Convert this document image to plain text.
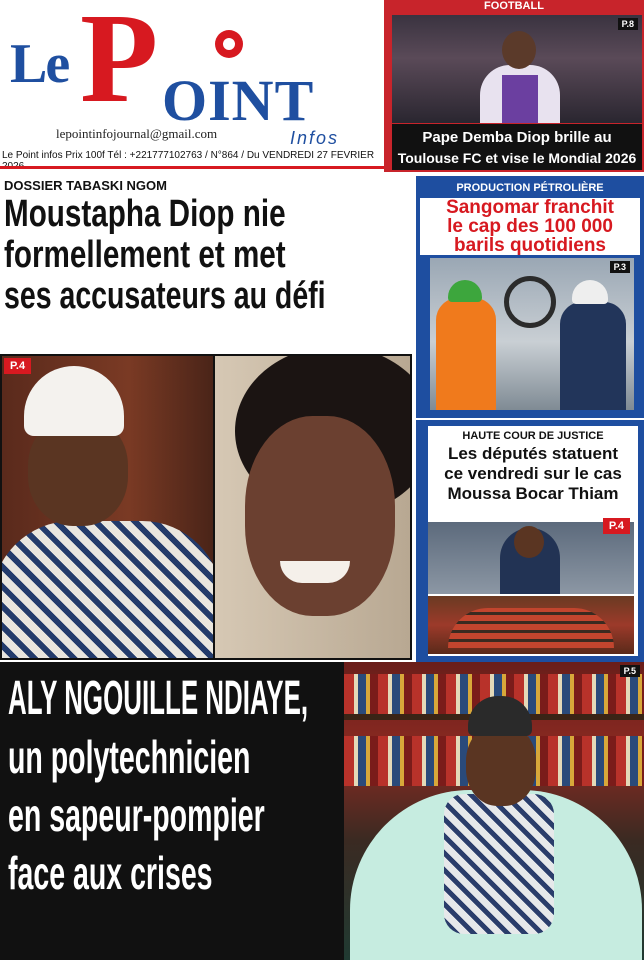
P
Le
OINT
Infos
lepointinfojournal@gmail.com
Le Point infos Prix 100f Tél : +221777102763 / N°864 / Du VENDREDI 27 FEVRIER
FOOTBALL
P.8
Pape Demba Diop brille au
Toulouse FC et vise le Mondial 2026
DOSSIER TABASKI NGOM
Moustapha Diop nie
formellement et met
ses accusateurs au défi
P.4
PRODUCTION PÉTROLIÈRE
Sangomar franchit
le cap des 100 000
barils quotidiens
P.3
HAUTE COUR DE JUSTICE
Les députés statuent
ce vendredi sur le cas
Moussa Bocar Thiam
P.4
ALY NGOUILLE NDIAYE,
un polytechnicien
en sapeur-pompier
face aux crises
P.5
